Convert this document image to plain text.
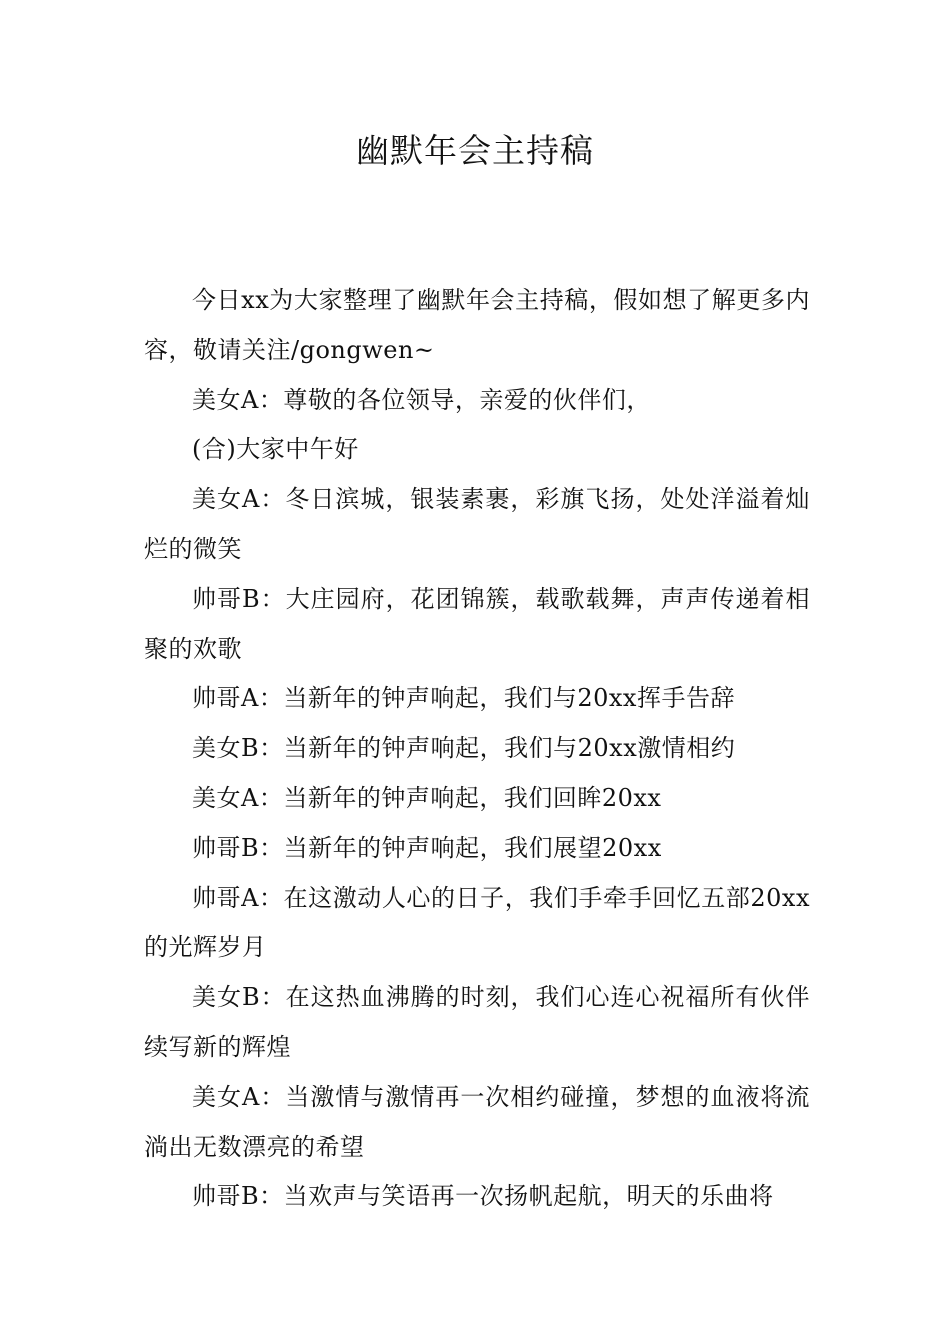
幽默年会主持稿

今日xx为大家整理了幽默年会主持稿，假如想了解更多内容，敬请关注/gongwen~

美女A：尊敬的各位领导，亲爱的伙伴们，

(合)大家中午好

美女A：冬日滨城，银装素裹，彩旗飞扬，处处洋溢着灿烂的微笑

帅哥B：大庄园府，花团锦簇，载歌载舞，声声传递着相聚的欢歌

帅哥A：当新年的钟声响起，我们与20xx挥手告辞

美女B：当新年的钟声响起，我们与20xx激情相约

美女A：当新年的钟声响起，我们回眸20xx

帅哥B：当新年的钟声响起，我们展望20xx

帅哥A：在这激动人心的日子，我们手牵手回忆五部20xx的光辉岁月

美女B：在这热血沸腾的时刻，我们心连心祝福所有伙伴续写新的辉煌

美女A：当激情与激情再一次相约碰撞，梦想的血液将流淌出无数漂亮的希望

帅哥B：当欢声与笑语再一次扬帆起航，明天的乐曲将
